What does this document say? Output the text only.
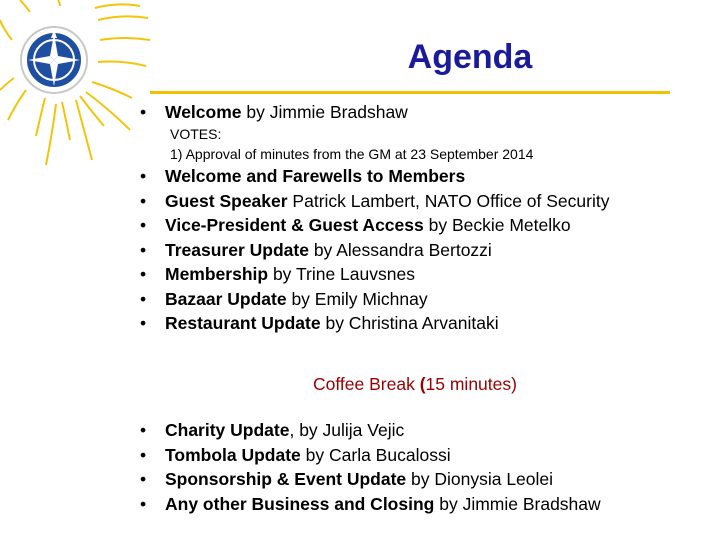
Agenda
• Welcome by Jimmie Bradshaw
VOTES:
1) Approval of minutes from the GM at 23 September 2014
• Welcome and Farewells to Members
• Guest Speaker Patrick Lambert, NATO Office of Security
• Vice-President & Guest Access by Beckie Metelko
• Treasurer Update by Alessandra Bertozzi
• Membership by Trine Lauvsnes
• Bazaar Update by Emily Michnay
• Restaurant Update by Christina Arvanitaki
Coffee Break (15 minutes)
• Charity Update, by Julija Vejic
• Tombola Update by Carla Bucalossi
• Sponsorship & Event Update by Dionysia Leolei
• Any other Business and Closing by Jimmie Bradshaw
